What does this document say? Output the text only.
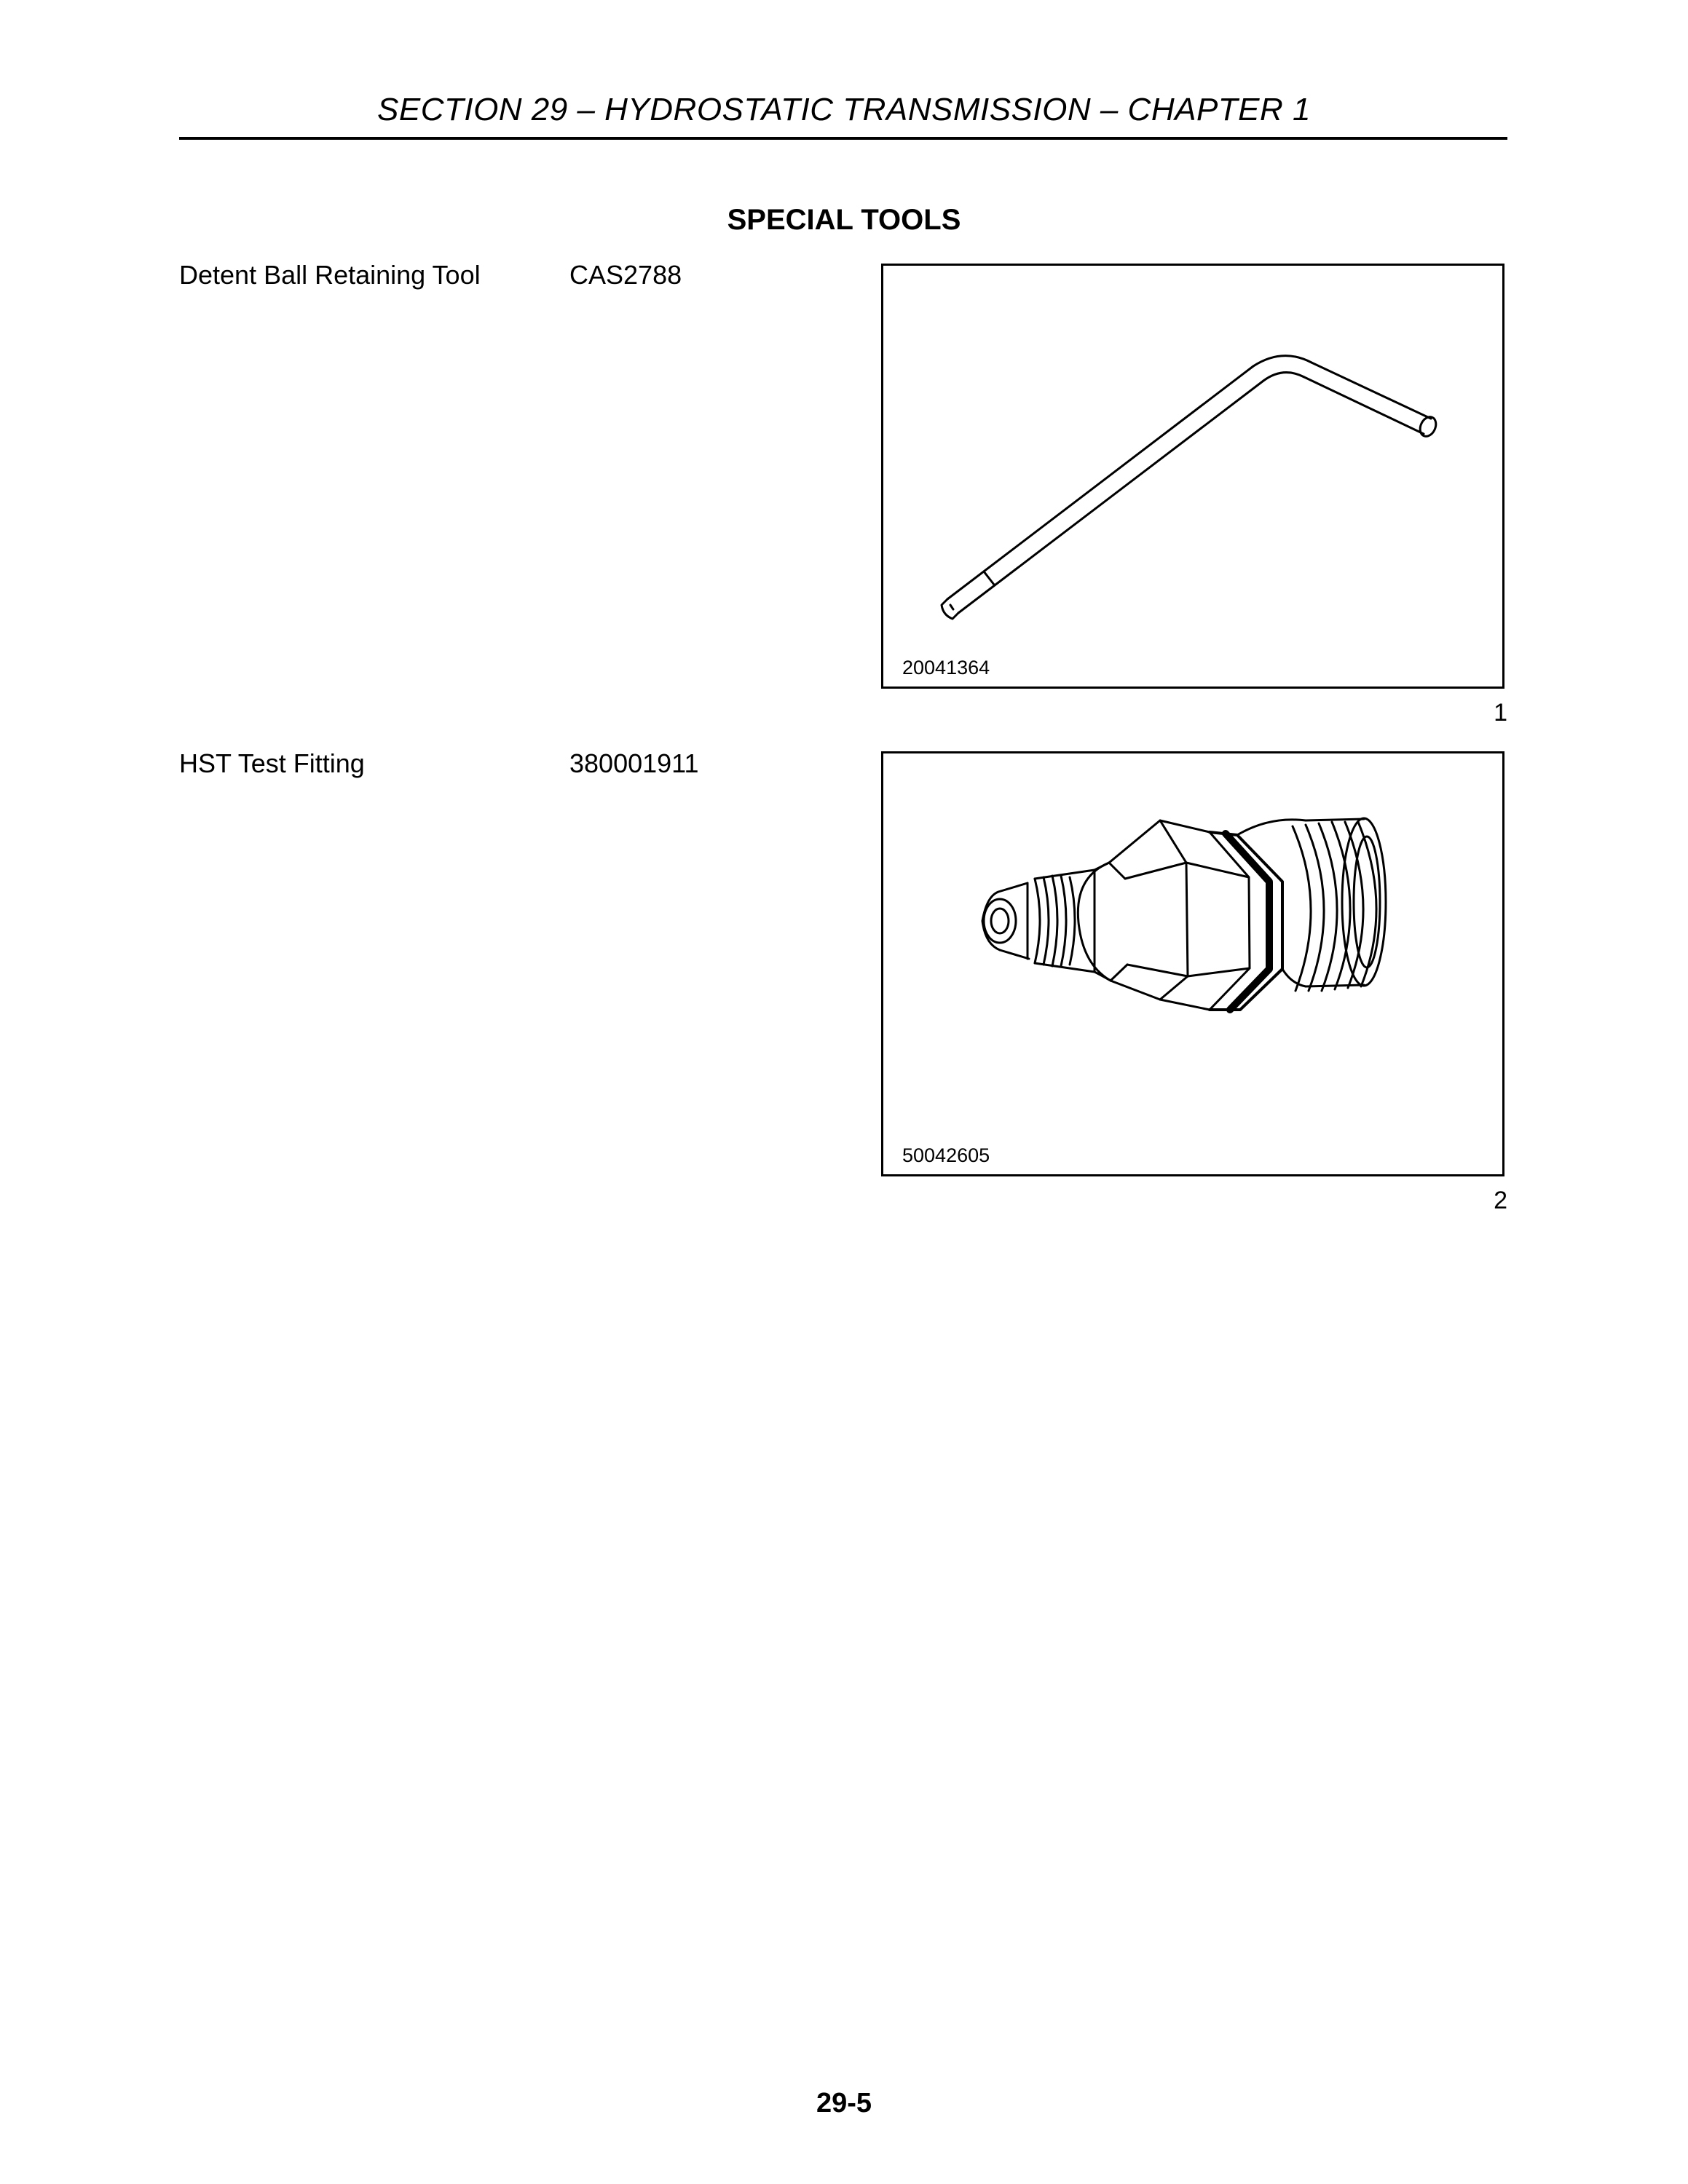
SECTION 29 – HYDROSTATIC TRANSMISSION – CHAPTER 1
SPECIAL TOOLS
Detent Ball Retaining Tool	CAS2788
20041364
1
HST Test Fitting	380001911
50042605
2
29-5
